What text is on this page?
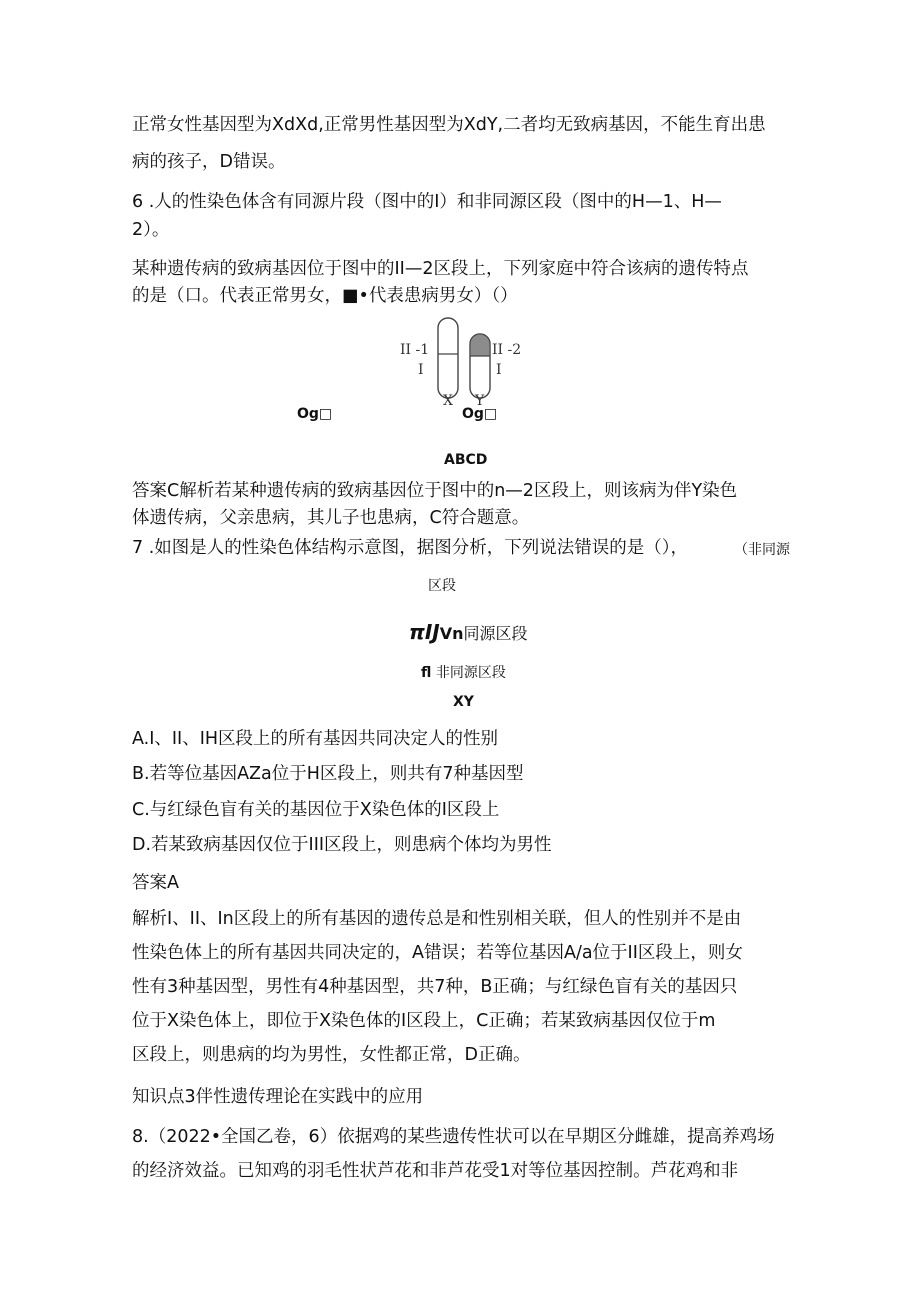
正常女性基因型为XdXd,正常男性基因型为XdY,二者均无致病基因，不能生育出患
病的孩子，D错误。
6 .人的性染色体含有同源片段（图中的I）和非同源区段（图中的H—1、H—
2）。
某种遗传病的致病基因位于图中的II—2区段上，下列家庭中符合该病的遗传特点
的是（口。代表正常男女，■•代表患病男女）（）
II -1
I
II -2
I
X Y
Og□	Og□
ABCD
答案C解析若某种遗传病的致病基因位于图中的n—2区段上，则该病为伴Y染色
体遗传病，父亲患病，其儿子也患病，C符合题意。
7 .如图是人的性染色体结构示意图，据图分析，下列说法错误的是（），	（非同源
区段
πIJVn同源区段
fl 非同源区段
XY
A.I、II、IH区段上的所有基因共同决定人的性别
B.若等位基因AZa位于H区段上，则共有7种基因型
C.与红绿色盲有关的基因位于X染色体的I区段上
D.若某致病基因仅位于III区段上，则患病个体均为男性
答案A
解析I、II、In区段上的所有基因的遗传总是和性别相关联，但人的性别并不是由
性染色体上的所有基因共同决定的，A错误；若等位基因A/a位于II区段上，则女
性有3种基因型，男性有4种基因型，共7种，B正确；与红绿色盲有关的基因只
位于X染色体上，即位于X染色体的I区段上，C正确；若某致病基因仅位于m
区段上，则患病的均为男性，女性都正常，D正确。
知识点3伴性遗传理论在实践中的应用
8.（2022•全国乙卷，6）依据鸡的某些遗传性状可以在早期区分雌雄，提高养鸡场
的经济效益。已知鸡的羽毛性状芦花和非芦花受1对等位基因控制。芦花鸡和非
